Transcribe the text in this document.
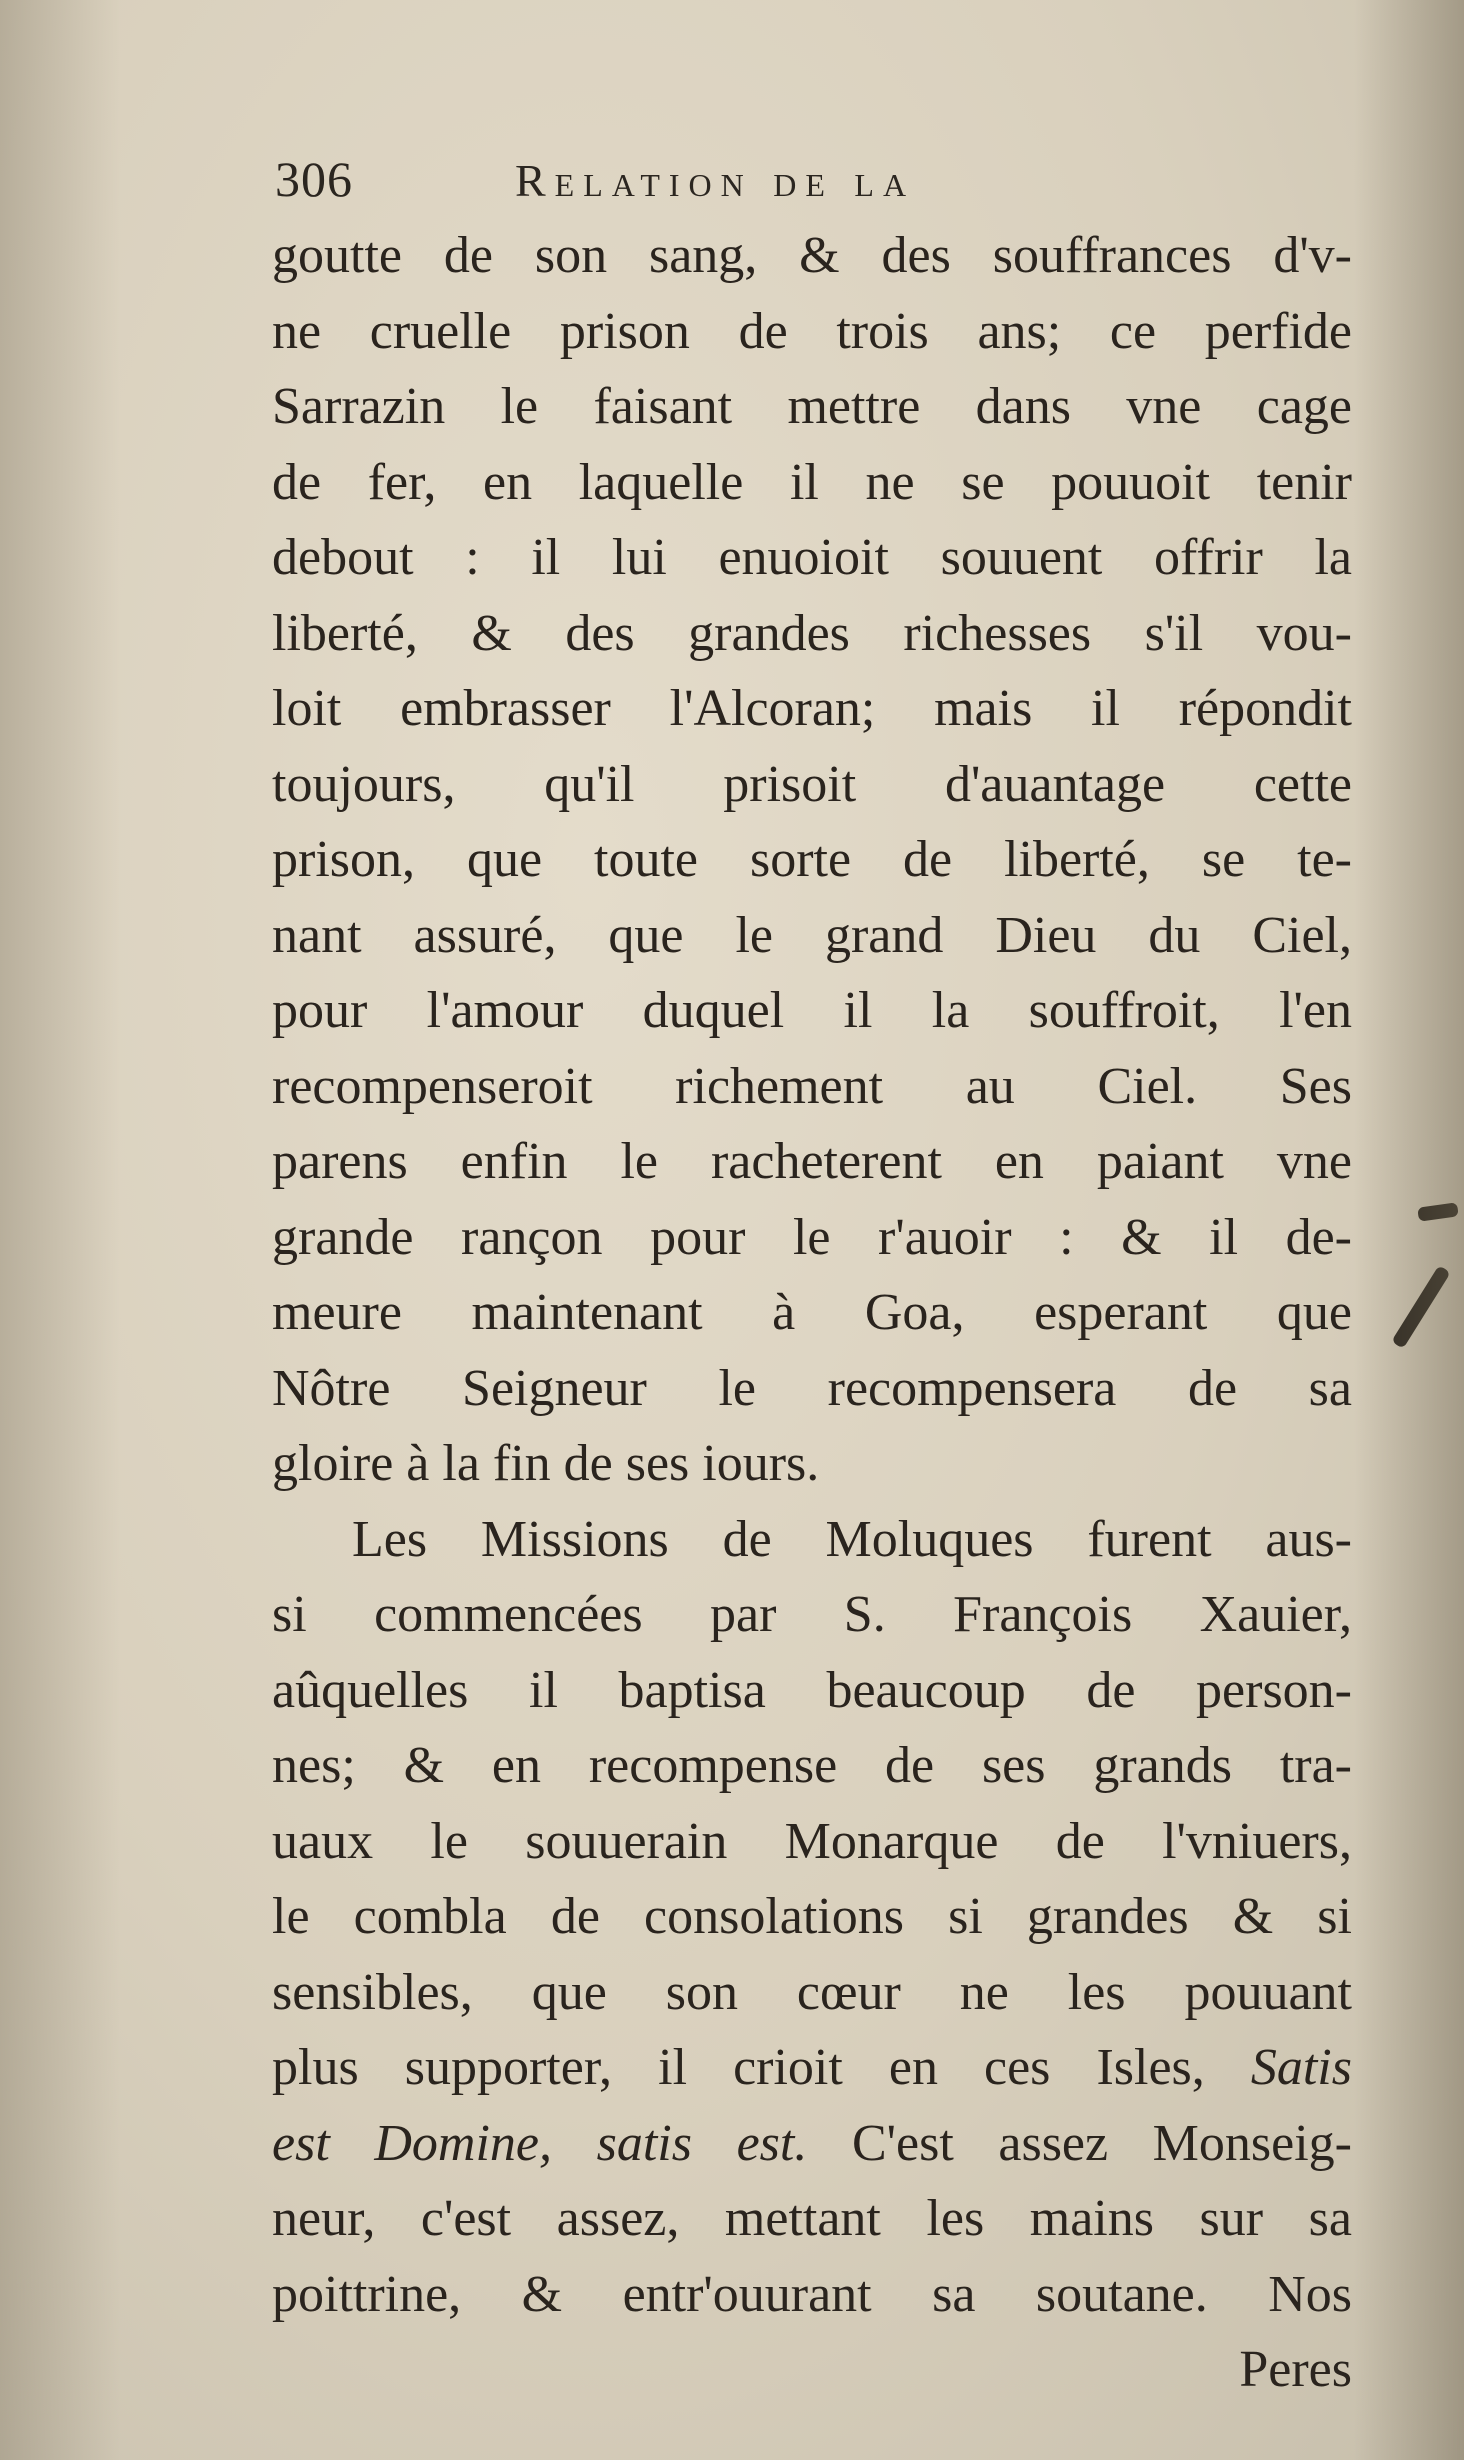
306	Relation de la
goutte de son sang, & des souffrances d'v-
ne cruelle prison de trois ans; ce perfide
Sarrazin le faisant mettre dans vne cage
de fer, en laquelle il ne se pouuoit tenir
debout : il lui enuoioit souuent offrir la
liberté, & des grandes richesses s'il vou-
loit embrasser l'Alcoran; mais il répondit
toujours, qu'il prisoit d'auantage cette
prison, que toute sorte de liberté, se te-
nant assuré, que le grand Dieu du Ciel,
pour l'amour duquel il la souffroit, l'en
recompenseroit richement au Ciel. Ses
parens enfin le racheterent en paiant vne
grande rançon pour le r'auoir : & il de-
meure maintenant à Goa, esperant que
Nôtre Seigneur le recompensera de sa
gloire à la fin de ses iours.
Les Missions de Moluques furent aus-
si commencées par S. François Xauier,
aûquelles il baptisa beaucoup de person-
nes; & en recompense de ses grands tra-
uaux le souuerain Monarque de l'vniuers,
le combla de consolations si grandes & si
sensibles, que son cœur ne les pouuant
plus supporter, il crioit en ces Isles, Satis
est Domine, satis est. C'est assez Monseig-
neur, c'est assez, mettant les mains sur sa
poittrine, & entr'ouurant sa soutane. Nos
Peres
